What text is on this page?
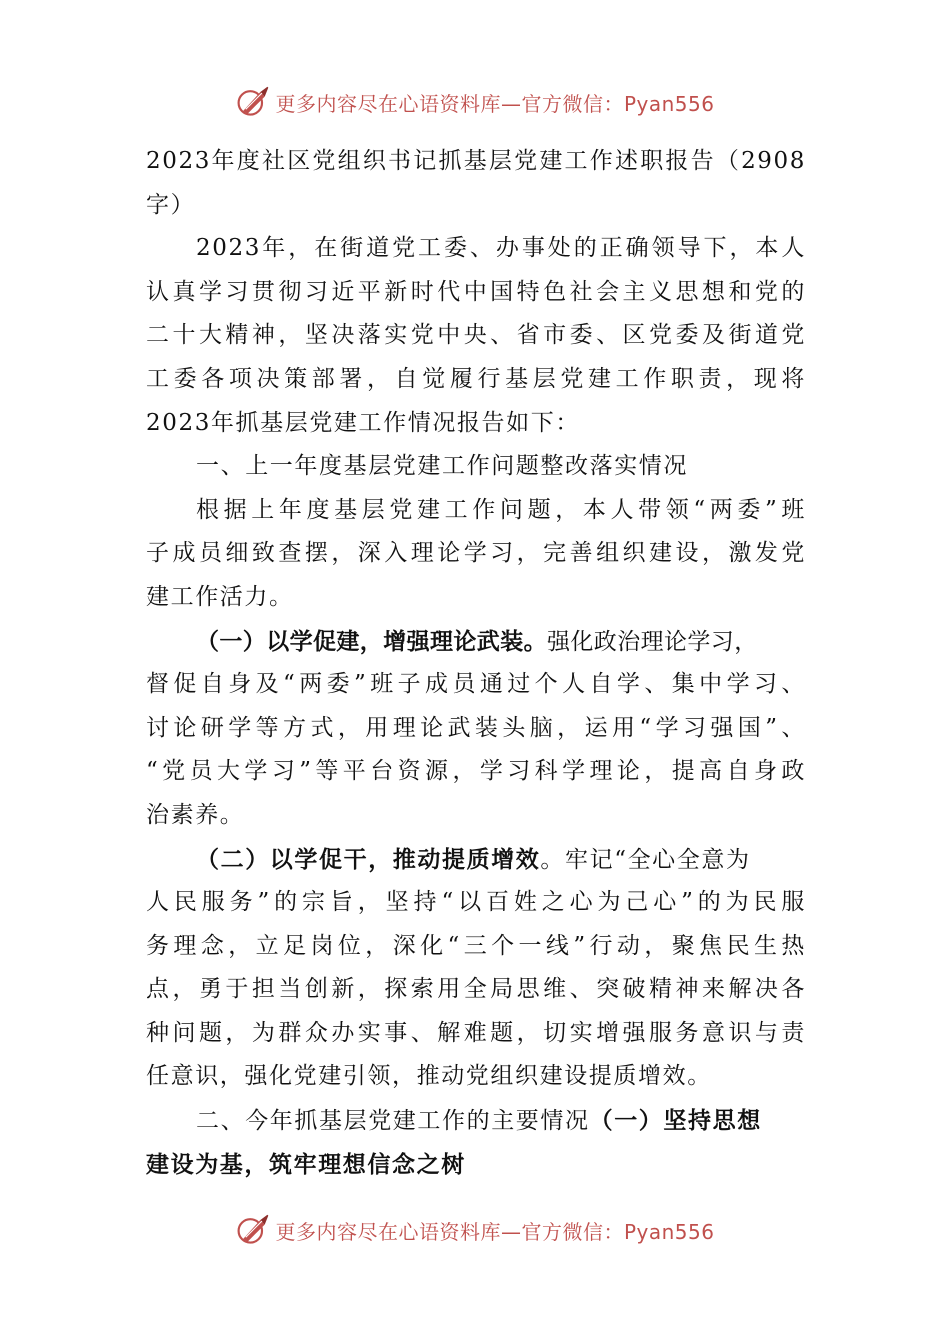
更多内容尽在心语资料库—官方微信：Pyan556
2023年度社区党组织书记抓基层党建工作述职报告（2908
字）
2023年，在街道党工委、办事处的正确领导下，本人
认真学习贯彻习近平新时代中国特色社会主义思想和党的
二十大精神，坚决落实党中央、省市委、区党委及街道党
工委各项决策部署，自觉履行基层党建工作职责，现将
2023年抓基层党建工作情况报告如下：
一、上一年度基层党建工作问题整改落实情况
根据上年度基层党建工作问题，本人带领“两委”班
子成员细致查摆，深入理论学习，完善组织建设，激发党
建工作活力。
（一）以学促建，增强理论武装。强化政治理论学习，
督促自身及“两委”班子成员通过个人自学、集中学习、
讨论研学等方式，用理论武装头脑，运用“学习强国”、
“党员大学习”等平台资源，学习科学理论，提高自身政
治素养。
（二）以学促干，推动提质增效。牢记“全心全意为
人民服务”的宗旨，坚持“以百姓之心为己心”的为民服
务理念，立足岗位，深化“三个一线”行动，聚焦民生热
点，勇于担当创新，探索用全局思维、突破精神来解决各
种问题，为群众办实事、解难题，切实增强服务意识与责
任意识，强化党建引领，推动党组织建设提质增效。
二、今年抓基层党建工作的主要情况（一）坚持思想
建设为基，筑牢理想信念之树
更多内容尽在心语资料库—官方微信：Pyan556
